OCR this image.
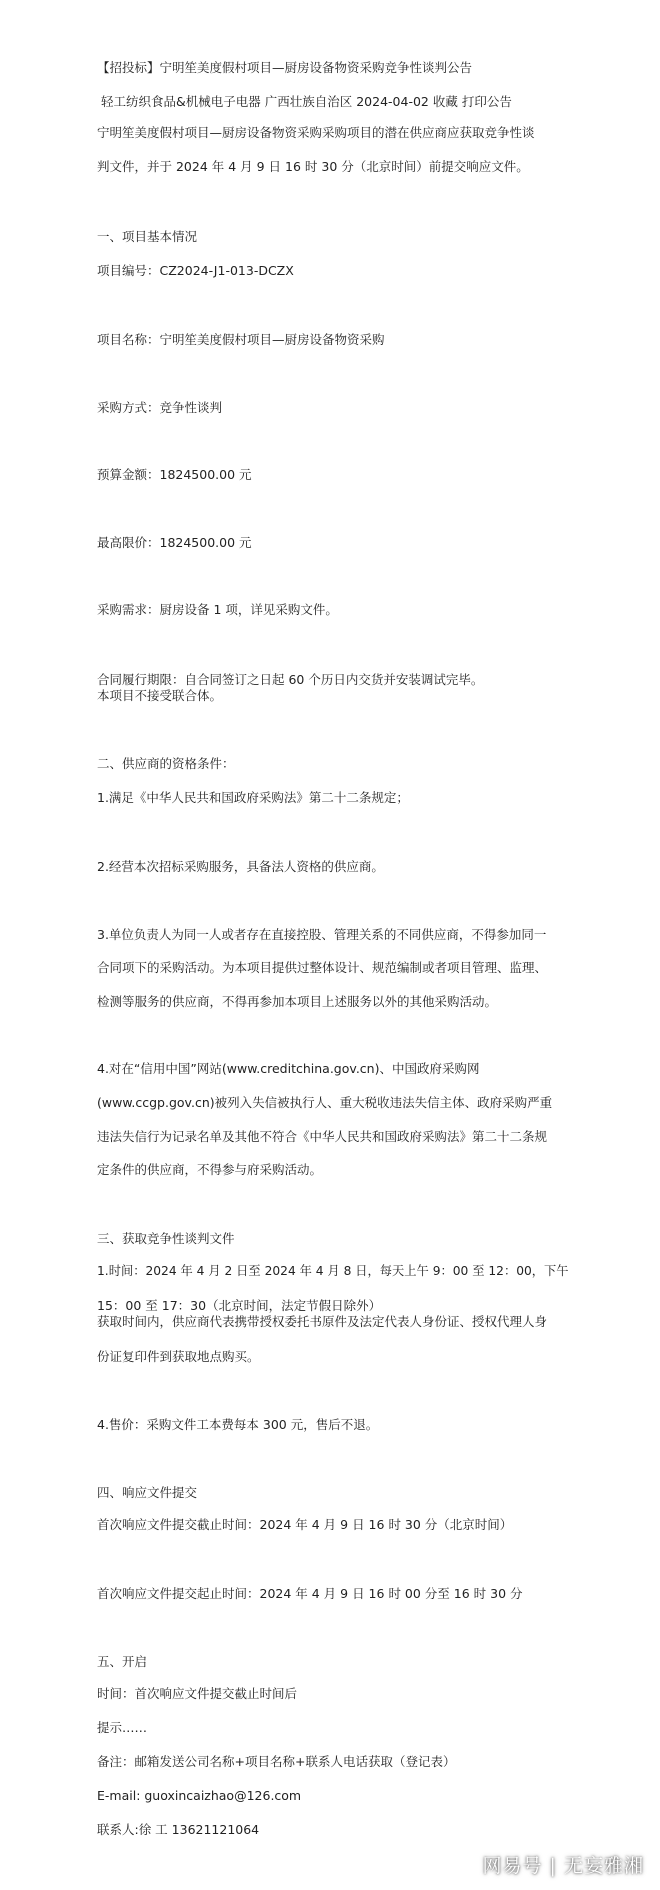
【招投标】宁明笙美度假村项目—厨房设备物资采购竞争性谈判公告
轻工纺织食品&机械电子电器 广西壮族自治区 2024-04-02 收藏 打印公告
宁明笙美度假村项目—厨房设备物资采购采购项目的潜在供应商应获取竞争性谈
判文件，并于 2024 年 4 月 9 日 16 时 30 分（北京时间）前提交响应文件。
一、项目基本情况
项目编号：CZ2024-J1-013-DCZX
项目名称：宁明笙美度假村项目—厨房设备物资采购
采购方式：竞争性谈判
预算金额：1824500.00 元
最高限价：1824500.00 元
采购需求：厨房设备 1 项，详见采购文件。
合同履行期限：自合同签订之日起 60 个历日内交货并安装调试完毕。
本项目不接受联合体。
二、供应商的资格条件：
1.满足《中华人民共和国政府采购法》第二十二条规定；
2.经营本次招标采购服务，具备法人资格的供应商。
3.单位负责人为同一人或者存在直接控股、管理关系的不同供应商，不得参加同一
合同项下的采购活动。为本项目提供过整体设计、规范编制或者项目管理、监理、
检测等服务的供应商，不得再参加本项目上述服务以外的其他采购活动。
4.对在“信用中国”网站(www.creditchina.gov.cn)、中国政府采购网
(www.ccgp.gov.cn)被列入失信被执行人、重大税收违法失信主体、政府采购严重
违法失信行为记录名单及其他不符合《中华人民共和国政府采购法》第二十二条规
定条件的供应商，不得参与府采购活动。
三、获取竞争性谈判文件
1.时间：2024 年 4 月 2 日至 2024 年 4 月 8 日，每天上午 9：00 至 12：00，下午
15：00 至 17：30（北京时间，法定节假日除外）
获取时间内，供应商代表携带授权委托书原件及法定代表人身份证、授权代理人身
份证复印件到获取地点购买。
4.售价：采购文件工本费每本 300 元，售后不退。
四、响应文件提交
首次响应文件提交截止时间：2024 年 4 月 9 日 16 时 30 分（北京时间）
首次响应文件提交起止时间：2024 年 4 月 9 日 16 时 00 分至 16 时 30 分
五、开启
时间：首次响应文件提交截止时间后
提示……
备注：邮箱发送公司名称+项目名称+联系人电话获取（登记表）
E-mail: guoxincaizhao@126.com
联系人:徐 工 13621121064
网易号 | 无妄雅湘
